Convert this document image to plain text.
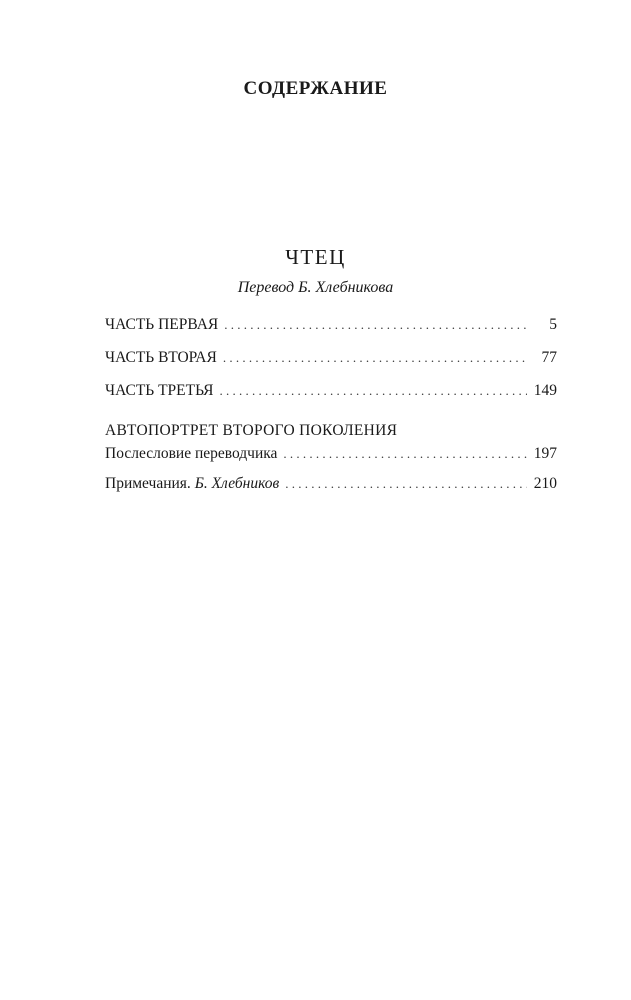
СОДЕРЖАНИЕ
ЧТЕЦ
Перевод Б. Хлебникова
ЧАСТЬ ПЕРВАЯ . . .	5
ЧАСТЬ ВТОРАЯ . . .	77
ЧАСТЬ ТРЕТЬЯ . . .	149
АВТОПОРТРЕТ ВТОРОГО ПОКОЛЕНИЯ
Послесловие переводчика . . .	197
Примечания. Б. Хлебников . . .	210
